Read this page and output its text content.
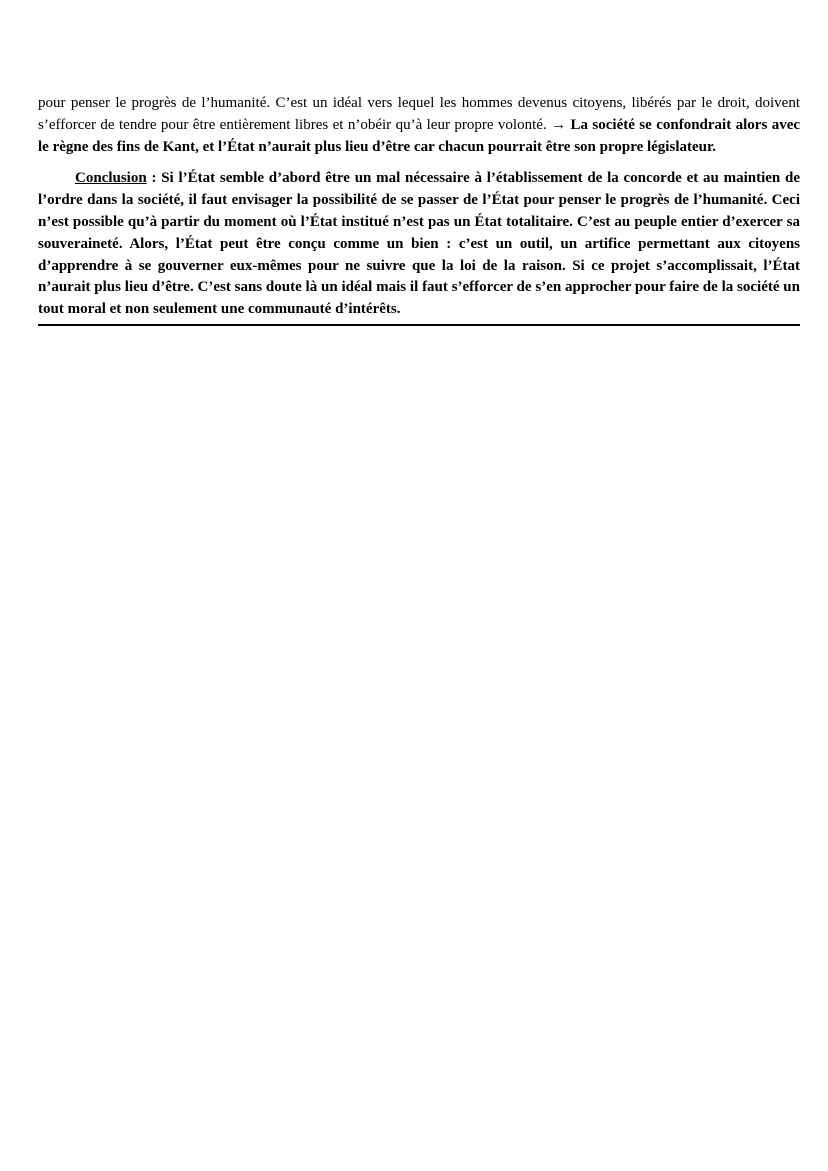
pour penser le progrès de l’humanité. C’est un idéal vers lequel les hommes devenus citoyens, libérés par le droit, doivent s’efforcer de tendre pour être entièrement libres et n’obéir qu’à leur propre volonté. → La société se confondrait alors avec le règne des fins de Kant, et l’État n’aurait plus lieu d’être car chacun pourrait être son propre législateur.

Conclusion : Si l’État semble d’abord être un mal nécessaire à l’établissement de la concorde et au maintien de l’ordre dans la société, il faut envisager la possibilité de se passer de l’État pour penser le progrès de l’humanité. Ceci n’est possible qu’à partir du moment où l’État institué n’est pas un État totalitaire. C’est au peuple entier d’exercer sa souveraineté. Alors, l’État peut être conçu comme un bien : c’est un outil, un artifice permettant aux citoyens d’apprendre à se gouverner eux-mêmes pour ne suivre que la loi de la raison. Si ce projet s’accomplissait, l’État n’aurait plus lieu d’être. C’est sans doute là un idéal mais il faut s’efforcer de s’en approcher pour faire de la société un tout moral et non seulement une communauté d’intérêts.
